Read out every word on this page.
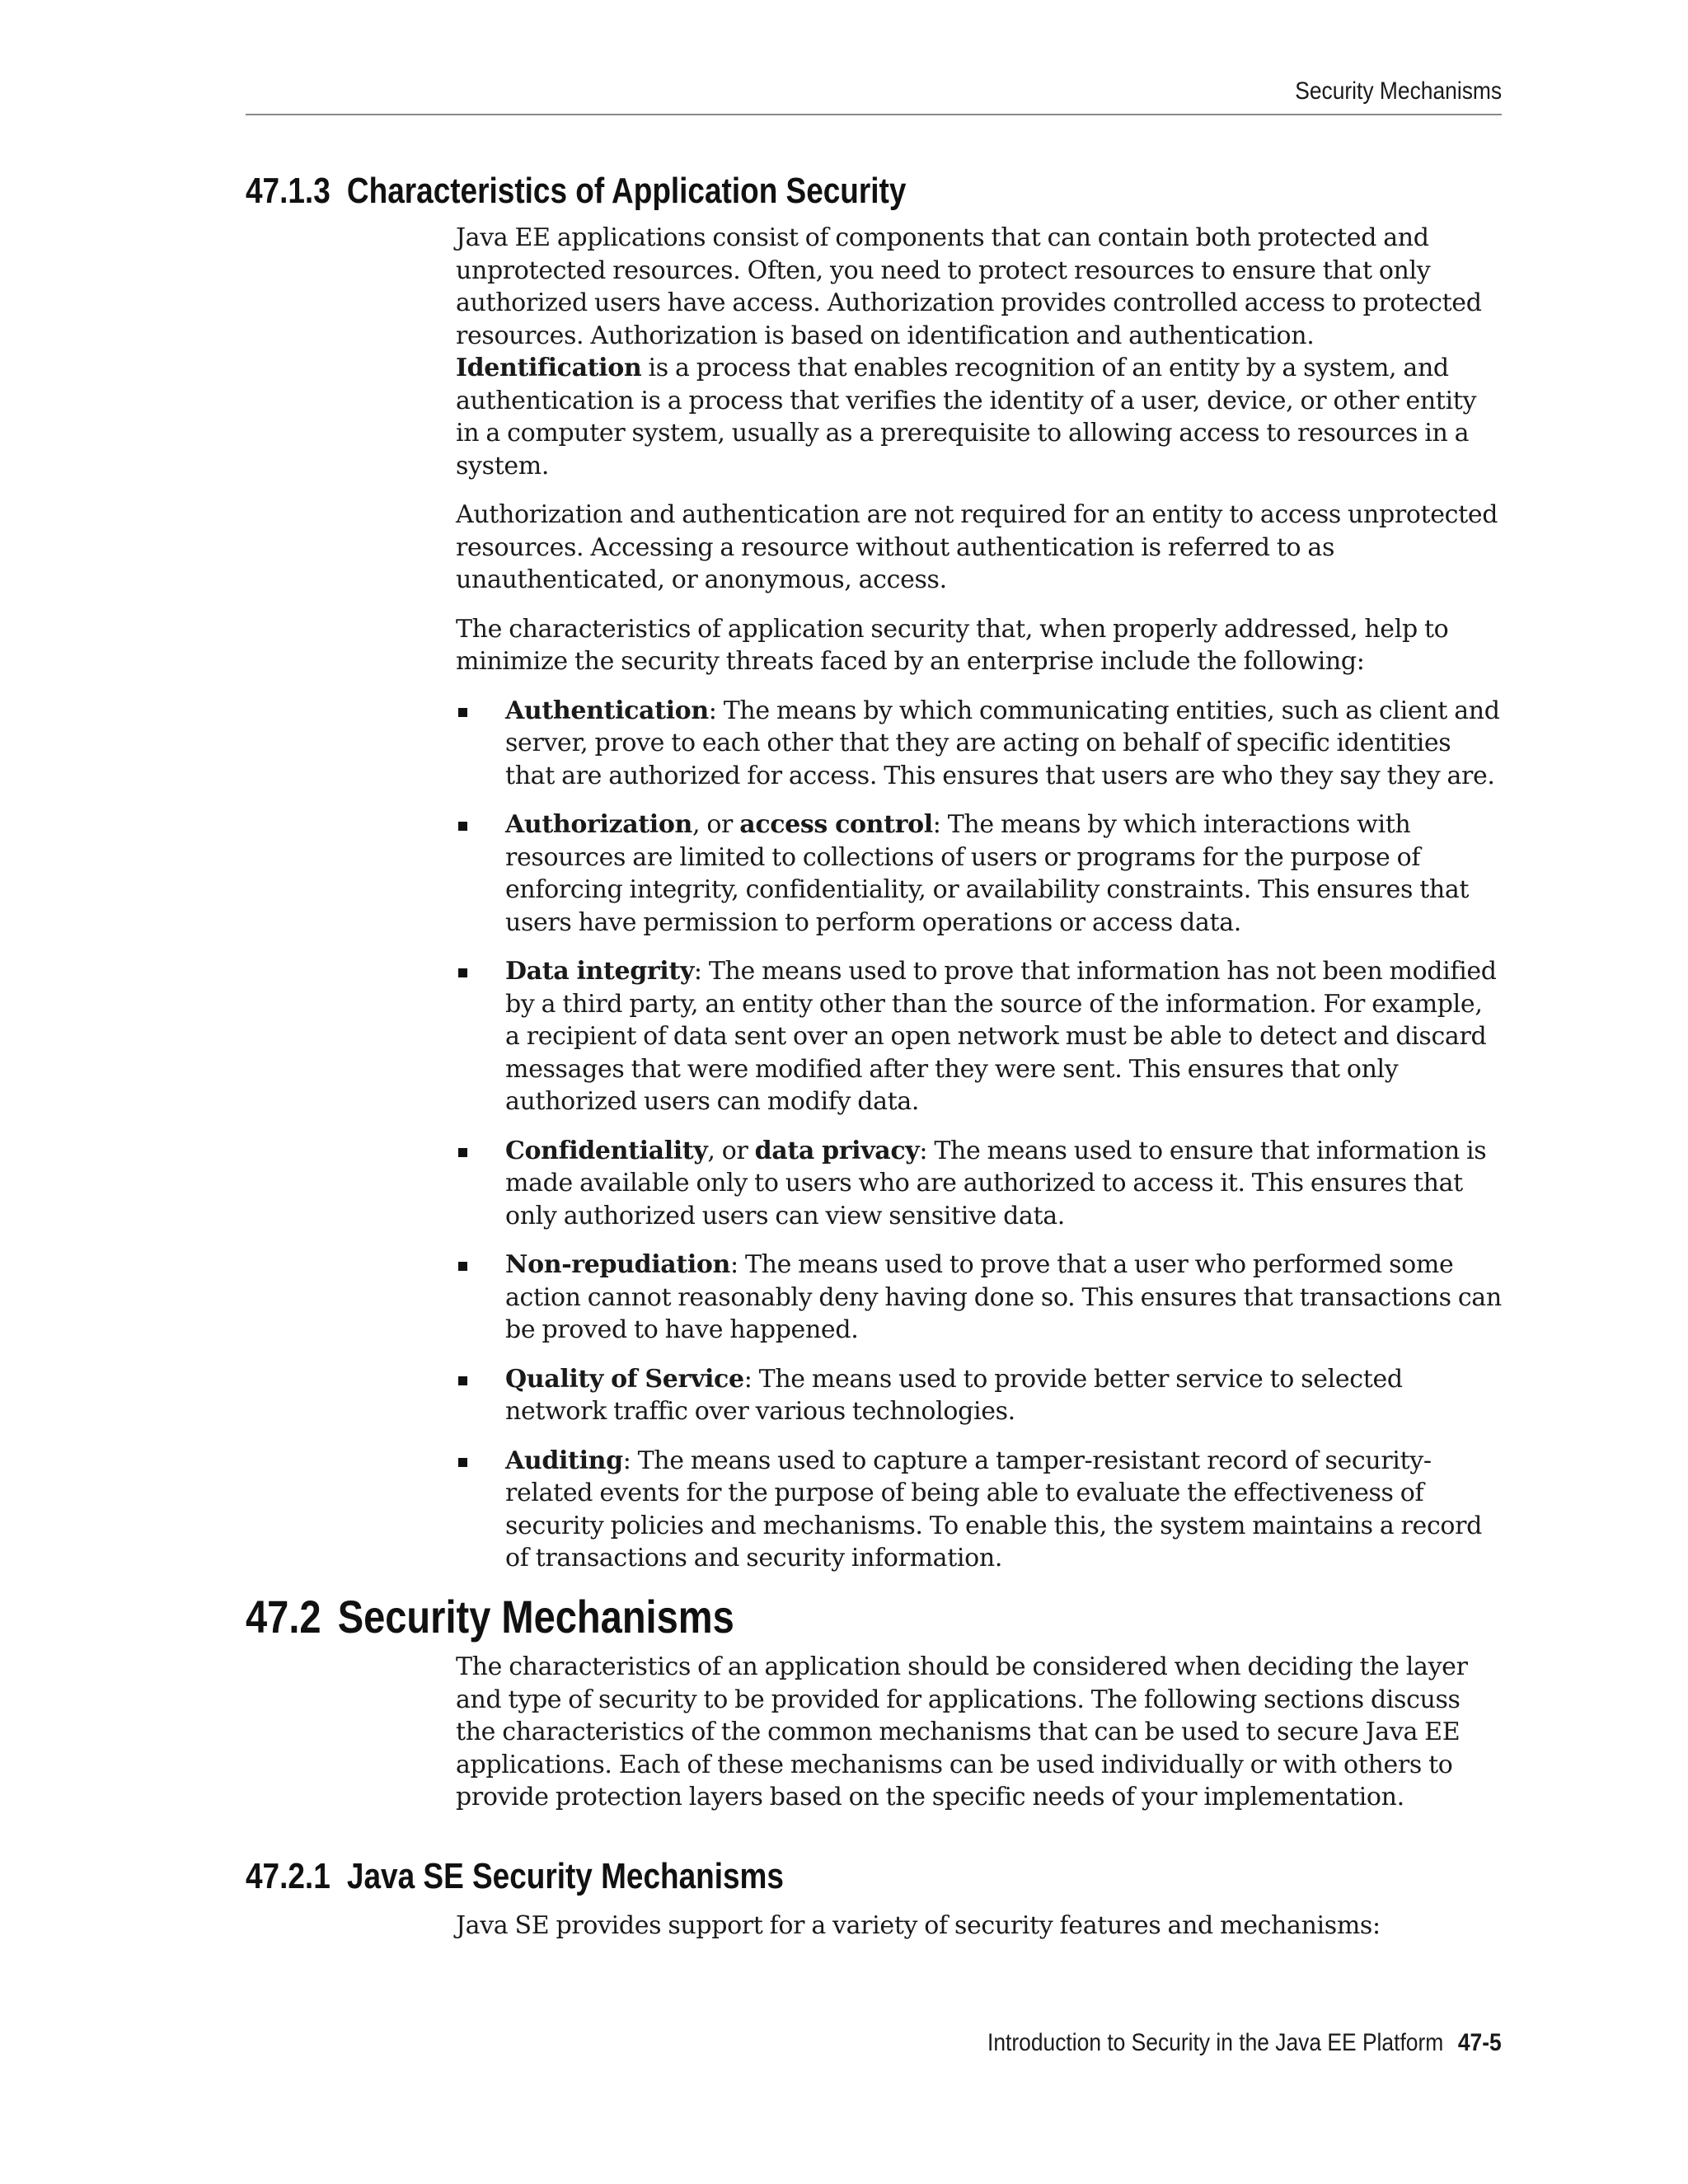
Security Mechanisms
47.1.3 Characteristics of Application Security

Java EE applications consist of components that can contain both protected and unprotected resources. Often, you need to protect resources to ensure that only authorized users have access. Authorization provides controlled access to protected resources. Authorization is based on identification and authentication. Identification is a process that enables recognition of an entity by a system, and authentication is a process that verifies the identity of a user, device, or other entity in a computer system, usually as a prerequisite to allowing access to resources in a system.

Authorization and authentication are not required for an entity to access unprotected resources. Accessing a resource without authentication is referred to as unauthenticated, or anonymous, access.

The characteristics of application security that, when properly addressed, help to minimize the security threats faced by an enterprise include the following:

Authentication: The means by which communicating entities, such as client and server, prove to each other that they are acting on behalf of specific identities that are authorized for access. This ensures that users are who they say they are.
Authorization, or access control: The means by which interactions with resources are limited to collections of users or programs for the purpose of enforcing integrity, confidentiality, or availability constraints. This ensures that users have permission to perform operations or access data.
Data integrity: The means used to prove that information has not been modified by a third party, an entity other than the source of the information. For example, a recipient of data sent over an open network must be able to detect and discard messages that were modified after they were sent. This ensures that only authorized users can modify data.
Confidentiality, or data privacy: The means used to ensure that information is made available only to users who are authorized to access it. This ensures that only authorized users can view sensitive data.
Non-repudiation: The means used to prove that a user who performed some action cannot reasonably deny having done so. This ensures that transactions can be proved to have happened.
Quality of Service: The means used to provide better service to selected network traffic over various technologies.
Auditing: The means used to capture a tamper-resistant record of security-related events for the purpose of being able to evaluate the effectiveness of security policies and mechanisms. To enable this, the system maintains a record of transactions and security information.
47.2 Security Mechanisms

The characteristics of an application should be considered when deciding the layer and type of security to be provided for applications. The following sections discuss the characteristics of the common mechanisms that can be used to secure Java EE applications. Each of these mechanisms can be used individually or with others to provide protection layers based on the specific needs of your implementation.

47.2.1 Java SE Security Mechanisms

Java SE provides support for a variety of security features and mechanisms:

Introduction to Security in the Java EE Platform 47-5
